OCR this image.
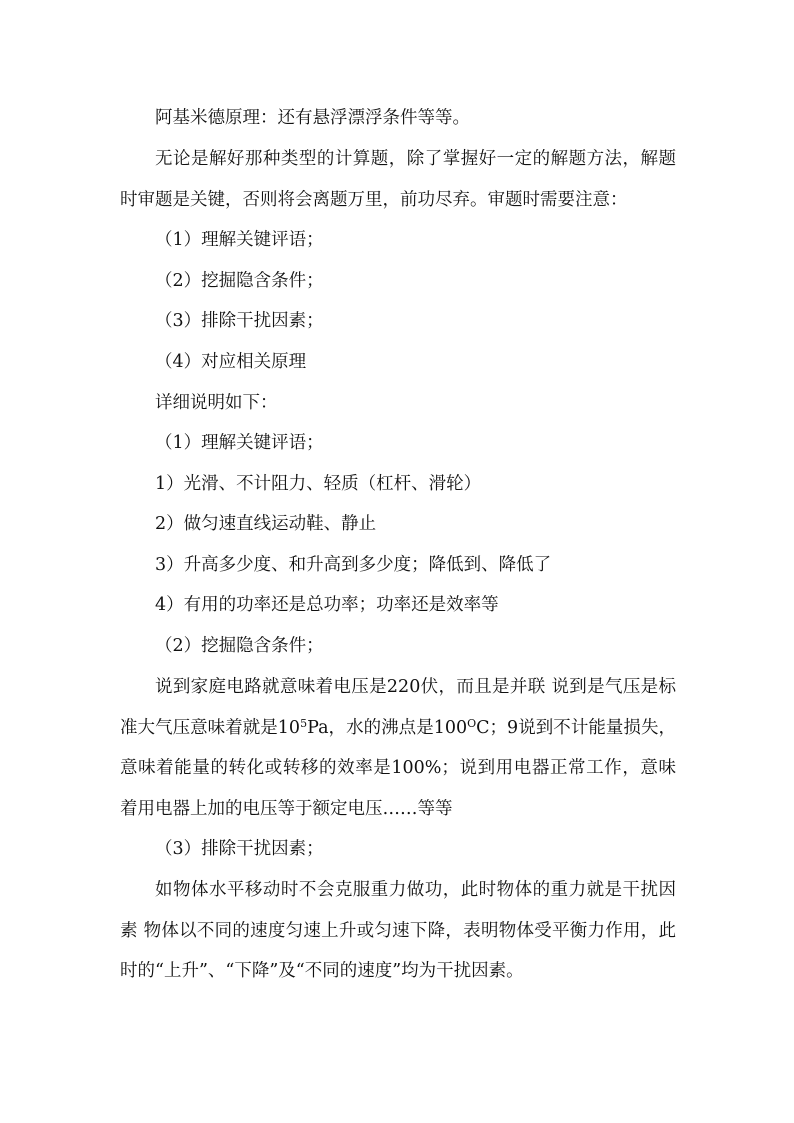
阿基米德原理：还有悬浮漂浮条件等等。

无论是解好那种类型的计算题，除了掌握好一定的解题方法，解题时审题是关键，否则将会离题万里，前功尽弃。审题时需要注意：

（1）理解关键评语；

（2）挖掘隐含条件；

（3）排除干扰因素；

（4）对应相关原理

详细说明如下：

（1）理解关键评语；

1）光滑、不计阻力、轻质（杠杆、滑轮）

2）做匀速直线运动鞋、静止

3）升高多少度、和升高到多少度；降低到、降低了

4）有用的功率还是总功率；功率还是效率等

（2）挖掘隐含条件；

说到家庭电路就意味着电压是220伏，而且是并联 说到是气压是标准大气压意味着就是$10^5Pa$，水的沸点是$100^OC$；9说到不计能量损失，意味着能量的转化或转移的效率是100%；说到用电器正常工作，意味着用电器上加的电压等于额定电压……等等

（3）排除干扰因素；

如物体水平移动时不会克服重力做功，此时物体的重力就是干扰因素 物体以不同的速度匀速上升或匀速下降，表明物体受平衡力作用，此时的“上升”、“下降”及“不同的速度”均为干扰因素。
